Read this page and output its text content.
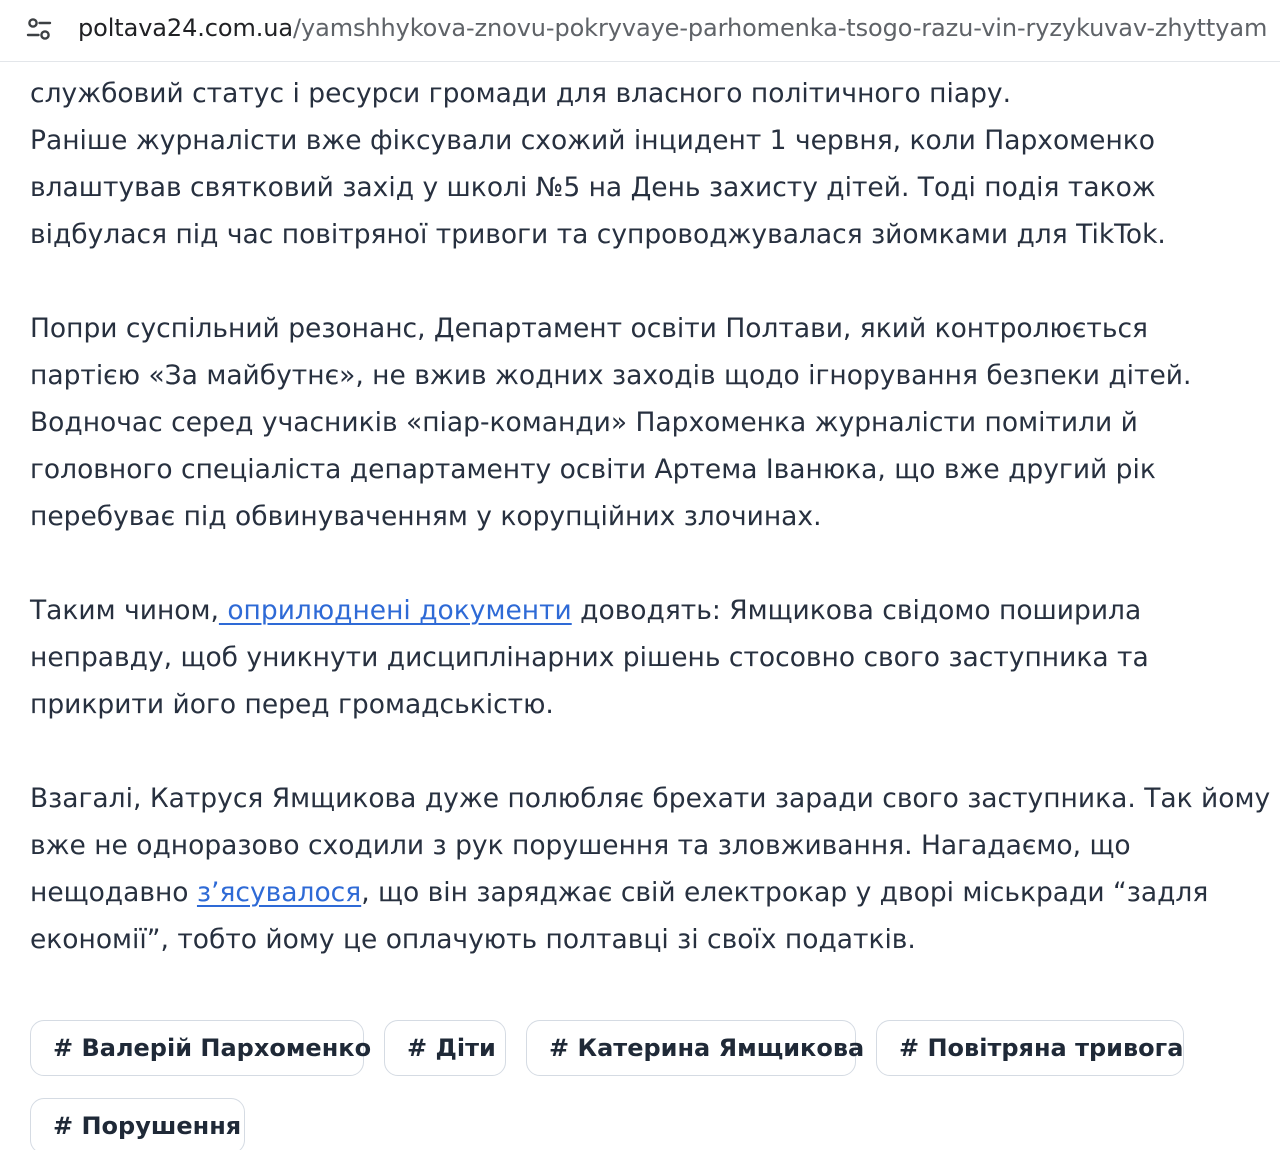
poltava24.com.ua/yamshhykova-znovu-pokryvaye-parhomenka-tsogo-razu-vin-ryzykuvav-zhyttyam
службовий статус і ресурси громади для власного політичного піару.
Раніше журналісти вже фіксували схожий інцидент 1 червня, коли Пархоменко
влаштував святковий захід у школі №5 на День захисту дітей. Тоді подія також
відбулася під час повітряної тривоги та супроводжувалася зйомками для TikTok.
Попри суспільний резонанс, Департамент освіти Полтави, який контролюється
партією «За майбутнє», не вжив жодних заходів щодо ігнорування безпеки дітей.
Водночас серед учасників «піар-команди» Пархоменка журналісти помітили й
головного спеціаліста департаменту освіти Артема Іванюка, що вже другий рік
перебуває під обвинуваченням у корупційних злочинах.
Таким чином, оприлюднені документи доводять: Ямщикова свідомо поширила
неправду, щоб уникнути дисциплінарних рішень стосовно свого заступника та
прикрити його перед громадськістю.
Взагалі, Катруся Ямщикова дуже полюбляє брехати заради свого заступника. Так йому
вже не одноразово сходили з рук порушення та зловживання. Нагадаємо, що
нещодавно з’ясувалося, що він заряджає свій електрокар у дворі міськради “задля
економії”, тобто йому це оплачують полтавці зі своїх податків.
# Валерій Пархоменко	# Діти	# Катерина Ямщикова	# Повітряна тривога
# Порушення
